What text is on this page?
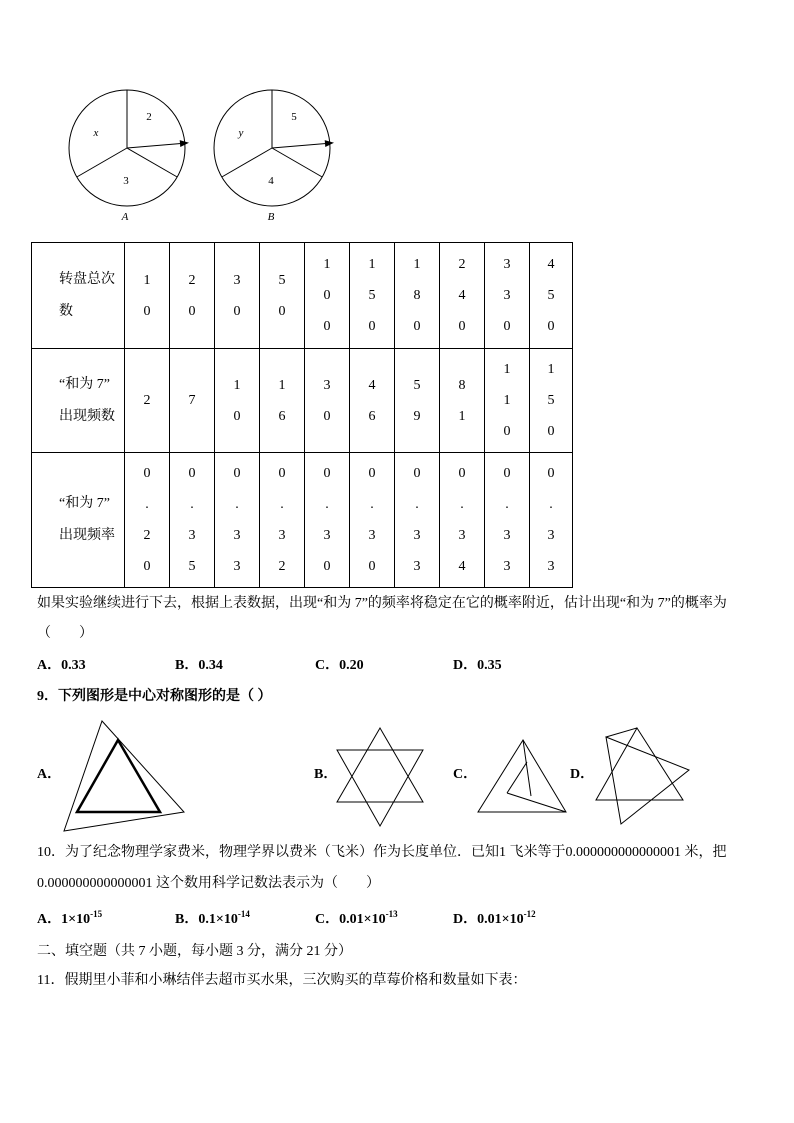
2
x
3
A
5
y
4
B
转盘总次
数	10	20	30	50	100	150	180	240	330	450

“和为 7”
出现频数	2	7	10	16	30	46	59	81	110	150

“和为 7”
出现频率	0.20	0.35	0.33	0.32	0.30	0.30	0.33	0.34	0.33	0.33
如果实验继续进行下去，根据上表数据，出现“和为 7”的频率将稳定在它的概率附近，估计出现“和为 7”的概率为
（　　）
A．0.33	B．0.34	C．0.20	D．0.35
9．下列图形是中心对称图形的是（ ）
A．	B．	C．	D．
10．为了纪念物理学家费米，物理学界以费米（飞米）作为长度单位．已知1 飞米等于0.000000000000001 米，把
0.000000000000001 这个数用科学记数法表示为（　　）
A．$1\times 10^{-15}$	B．$0.1\times 10^{-14}$	C．$0.01\times 10^{-13}$	D．$0.01\times 10^{-12}$
二、填空题（共 7 小题，每小题 3 分，满分 21 分）
11．假期里小菲和小琳结伴去超市买水果，三次购买的草莓价格和数量如下表：
